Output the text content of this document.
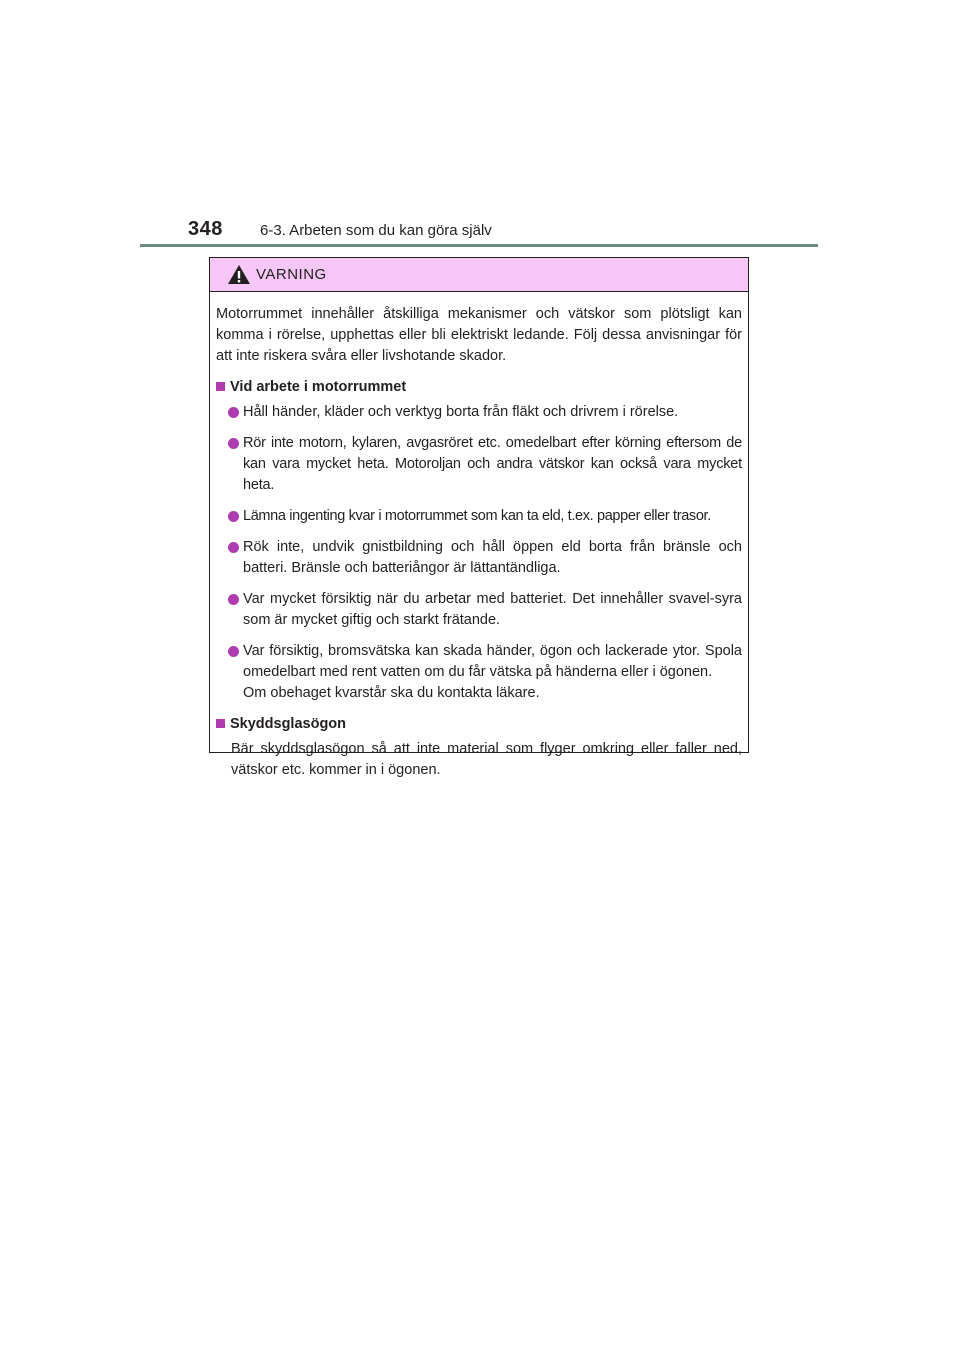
348 6-3. Arbeten som du kan göra själv
VARNING

Motorrummet innehåller åtskilliga mekanismer och vätskor som plötsligt kan komma i rörelse, upphettas eller bli elektriskt ledande. Följ dessa anvisningar för att inte riskera svåra eller livshotande skador.

Vid arbete i motorrummet
Håll händer, kläder och verktyg borta från fläkt och drivrem i rörelse.
Rör inte motorn, kylaren, avgasröret etc. omedelbart efter körning eftersom de kan vara mycket heta. Motoroljan och andra vätskor kan också vara mycket heta.
Lämna ingenting kvar i motorrummet som kan ta eld, t.ex. papper eller trasor.
Rök inte, undvik gnistbildning och håll öppen eld borta från bränsle och batteri. Bränsle och batteriångor är lättantändliga.
Var mycket försiktig när du arbetar med batteriet. Det innehåller svavel-syra som är mycket giftig och starkt frätande.
Var försiktig, bromsvätska kan skada händer, ögon och lackerade ytor. Spola omedelbart med rent vatten om du får vätska på händerna eller i ögonen.
Om obehaget kvarstår ska du kontakta läkare.
Skyddsglasögon

Bär skyddsglasögon så att inte material som flyger omkring eller faller ned, vätskor etc. kommer in i ögonen.
